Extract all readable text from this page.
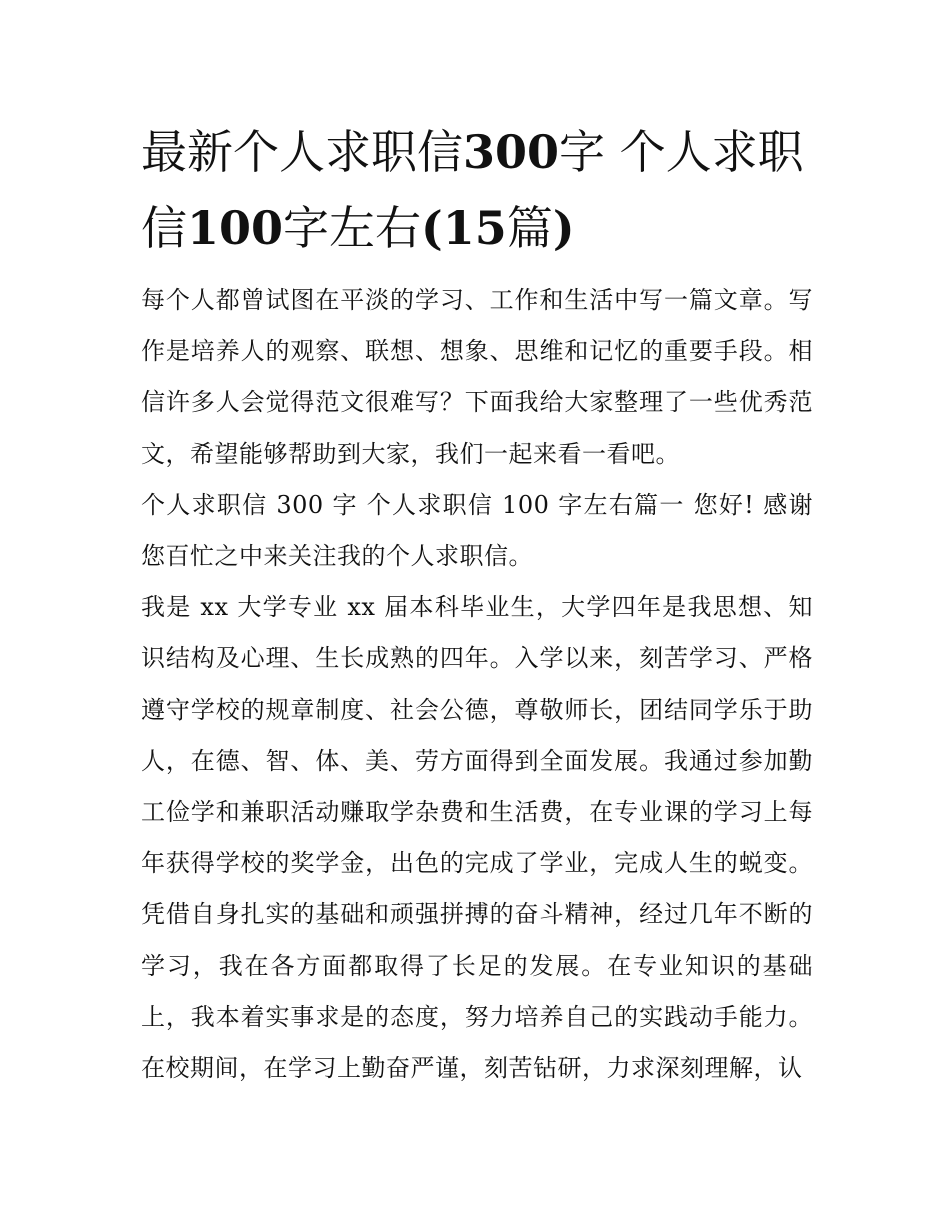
最新个人求职信300字 个人求职信100字左右(15篇)

每个人都曾试图在平淡的学习、工作和生活中写一篇文章。写作是培养人的观察、联想、想象、思维和记忆的重要手段。相信许多人会觉得范文很难写？下面我给大家整理了一些优秀范文，希望能够帮助到大家，我们一起来看一看吧。

个人求职信 300 字 个人求职信 100 字左右篇一 您好! 感谢您百忙之中来关注我的个人求职信。

我是 xx 大学专业 xx 届本科毕业生，大学四年是我思想、知识结构及心理、生长成熟的四年。入学以来，刻苦学习、严格遵守学校的规章制度、社会公德，尊敬师长，团结同学乐于助人，在德、智、体、美、劳方面得到全面发展。我通过参加勤工俭学和兼职活动赚取学杂费和生活费，在专业课的学习上每年获得学校的奖学金，出色的完成了学业，完成人生的蜕变。凭借自身扎实的基础和顽强拼搏的奋斗精神，经过几年不断的学习，我在各方面都取得了长足的发展。在专业知识的基础上，我本着实事求是的态度，努力培养自己的实践动手能力。在校期间，在学习上勤奋严谨，刻苦钻研，力求深刻理解，认
